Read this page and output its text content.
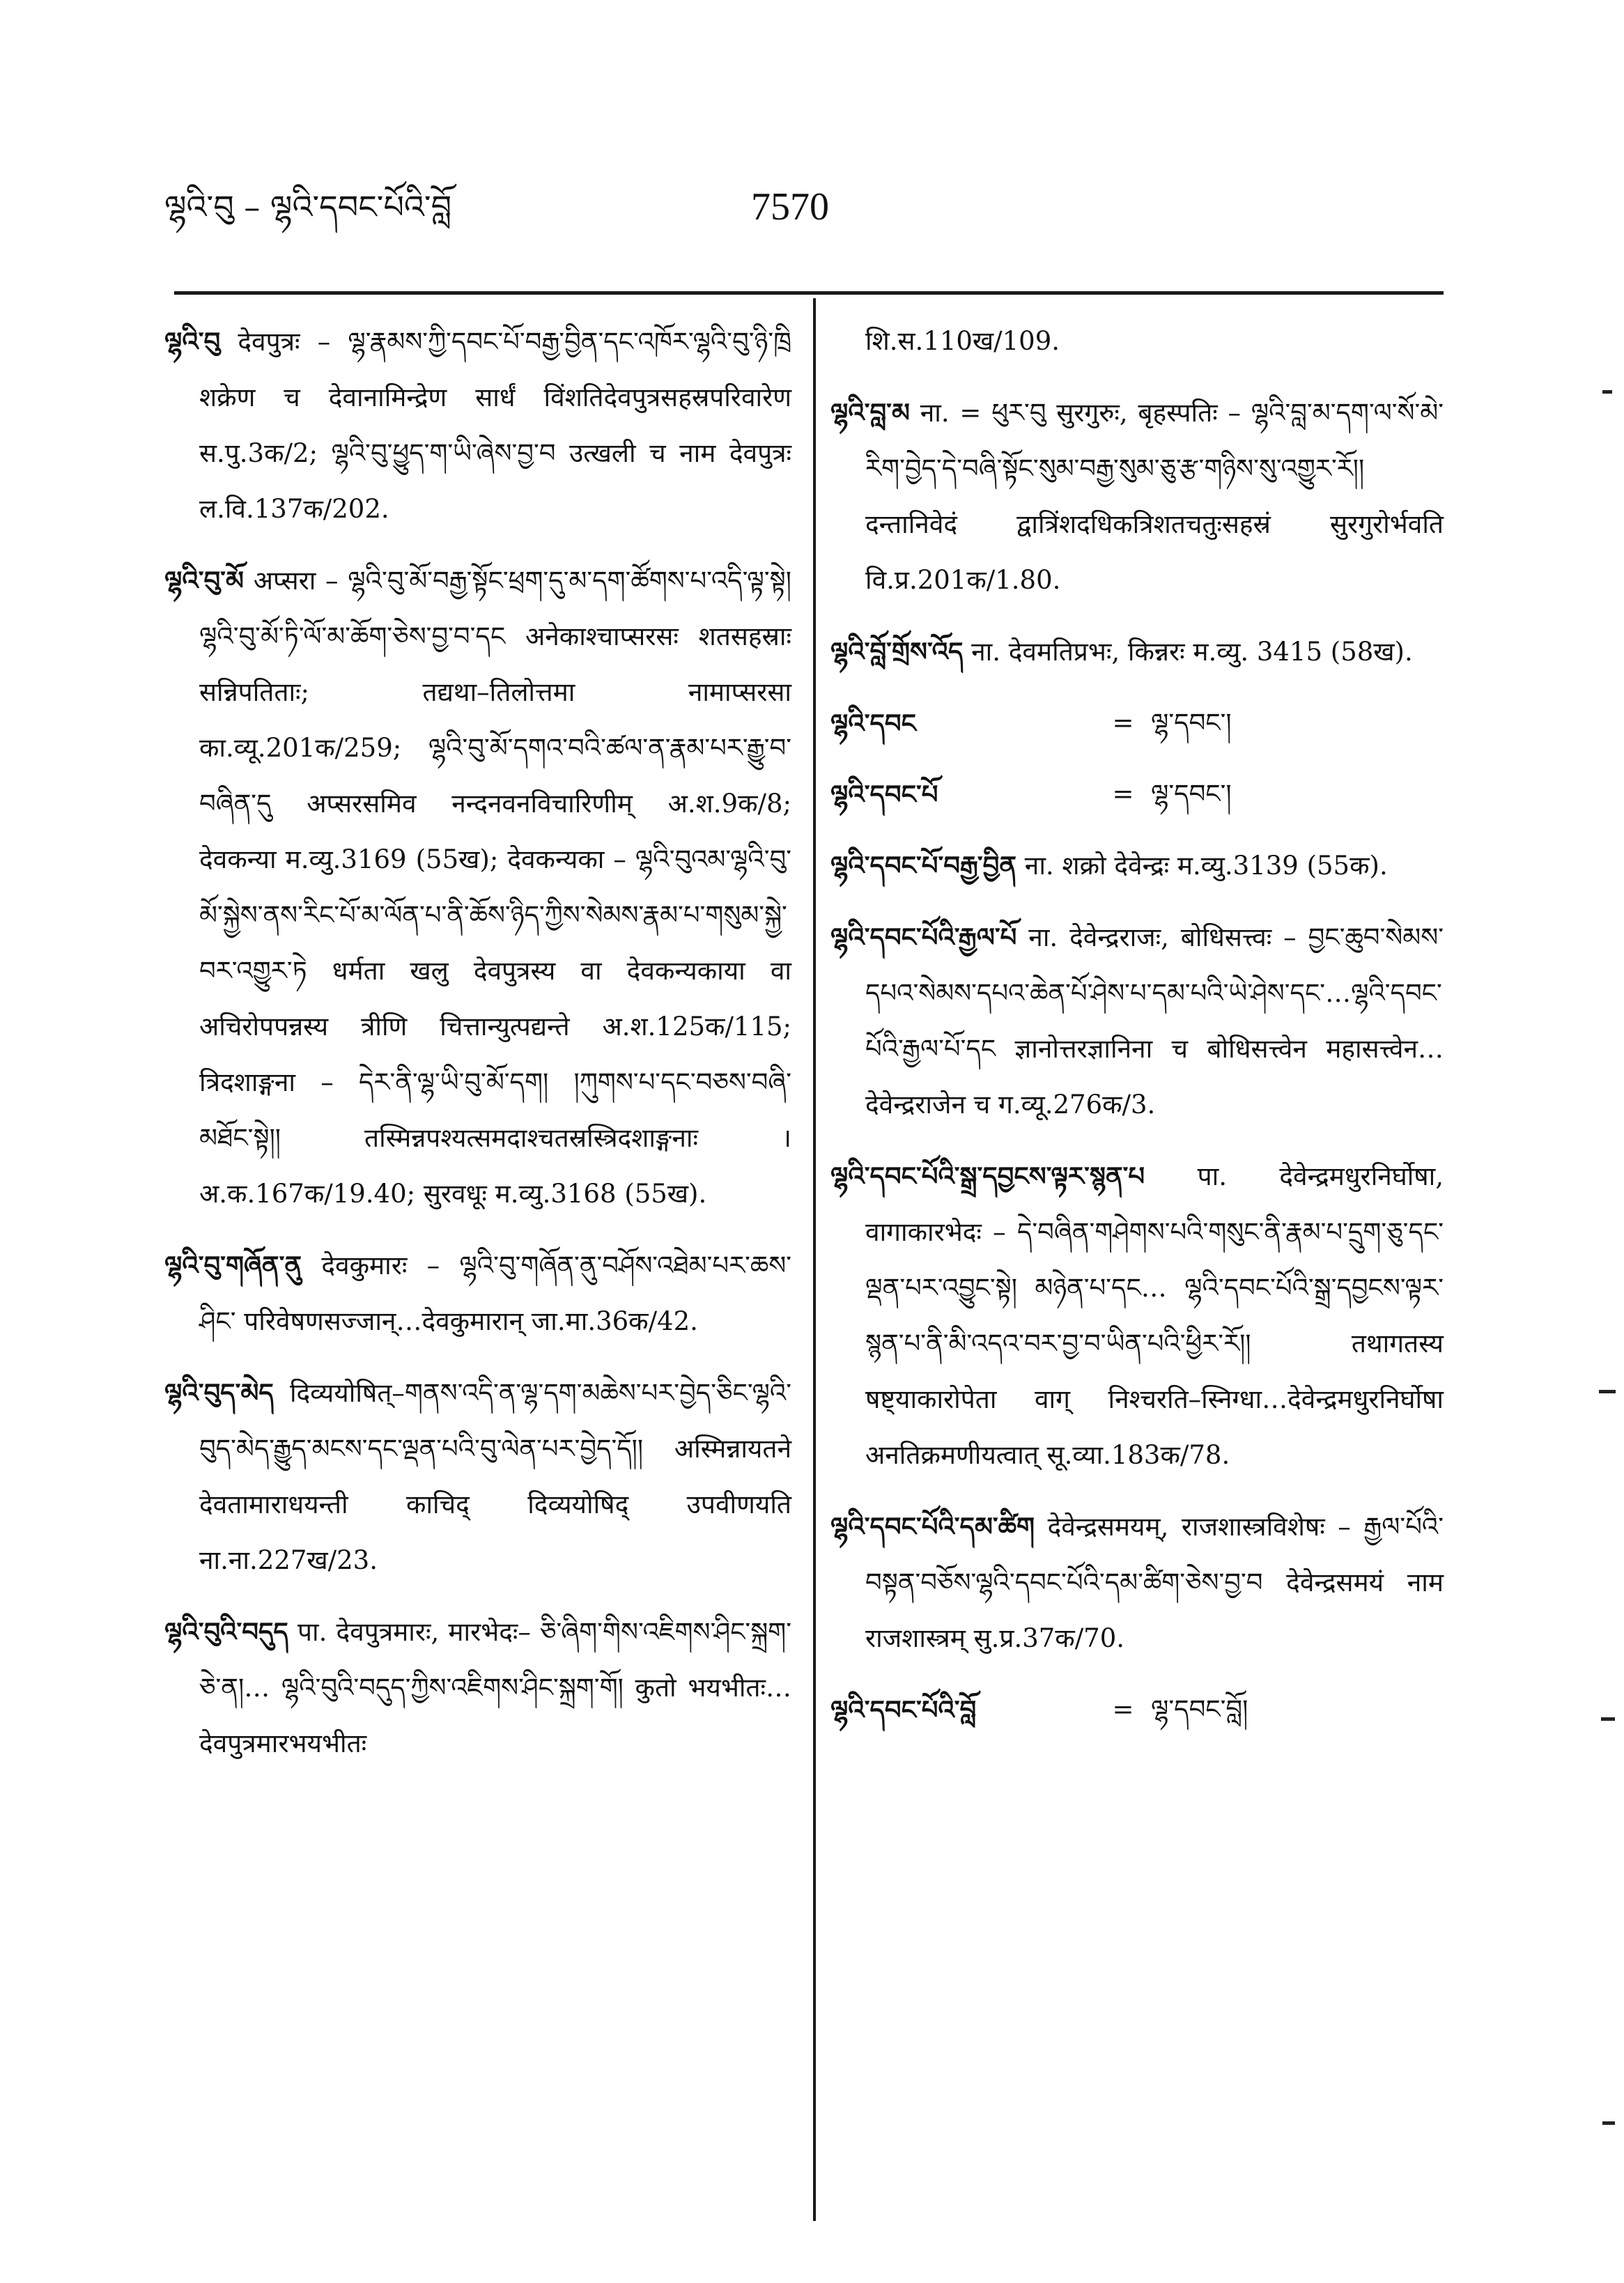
ལྷའི་བུ – ལྷའི་དབང་པོའི་བློ	7570

ལྷའི་བུ देवपुत्रः – ལྷ་རྣམས་ཀྱི་དབང་པོ་བརྒྱ་བྱིན་དང་འཁོར་ལྷའི་བུ་ཉི་ཁྲི शक्रेण च देवानामिन्द्रेण सार्धं विंशतिदेवपुत्रसहस्रपरिवारेण स.पु.3क/2; ལྷའི་བུ་ཕྱུད་ག་ཡི་ཞེས་བྱ་བ उत्खली च नाम देवपुत्रः ल.वि.137क/202.

ལྷའི་བུ་མོ अप्सरा – ལྷའི་བུ་མོ་བརྒྱ་སྟོང་ཕྲག་དུ་མ་དག་ཚོགས་པ་འདི་ལྟ་སྟེ། ལྷའི་བུ་མོ་ཏི་ལོ་མ་ཆོག་ཅེས་བྱ་བ་དང अनेकाश्चाप्सरसः शतसहस्राः सन्निपतिताः; तद्यथा–तिलोत्तमा नामाप्सरसा का.व्यू.201क/259; ལྷའི་བུ་མོ་དགའ་བའི་ཚལ་ན་རྣམ་པར་རྒྱུ་བ་བཞིན་དུ अप्सरसमिव नन्दनवनविचारिणीम् अ.श.9क/8; देवकन्या म.व्यु.3169 (55ख); देवकन्यका – ལྷའི་བུའམ་ལྷའི་བུ་མོ་སྐྱེས་ནས་རིང་པོ་མ་ལོན་པ་ནི་ཆོས་ཉིད་ཀྱིས་སེམས་རྣམ་པ་གསུམ་སྐྱེ་བར་འགྱུར་ཏེ धर्मता खलु देवपुत्रस्य वा देवकन्यकाया वा अचिरोपपन्नस्य त्रीणि चित्तान्युत्पद्यन्ते अ.श.125क/115; त्रिदशाङ्गना – དེར་ནི་ལྷ་ཡི་བུ་མོ་དག། །ཀུགས་པ་དང་བཅས་བཞི་མཐོང་སྟེ།། तस्मिन्नपश्यत्समदाश्चतस्रस्त्रिदशाङ्गनाः । अ.क.167क/19.40; सुरवधूः म.व्यु.3168 (55ख).

ལྷའི་བུ་གཞོན་ནུ देवकुमारः – ལྷའི་བུ་གཞོན་ནུ་བཤོས་འཐེམ་པར་ཆས་ཤིང་ परिवेषणसज्जान्…देवकुमारान् जा.मा.36क/42.

ལྷའི་བུད་མེད दिव्ययोषित्–གནས་འདི་ན་ལྷ་དག་མཆེས་པར་བྱེད་ཅིང་ལྷའི་བུད་མེད་རྒྱུད་མངས་དང་ལྡན་པའི་བུ་ལེན་པར་བྱེད་དོ།། अस्मिन्नायतने देवतामाराधयन्ती काचिद् दिव्ययोषिद् उपवीणयति ना.ना.227ख/23.

ལྷའི་བུའི་བདུད पा. देवपुत्रमारः, मारभेदः– ཅི་ཞིག་གིས་འཇིགས་ཤིང་སྐྲག་ཅེ་ན།… ལྷའི་བུའི་བདུད་ཀྱིས་འཇིགས་ཤིང་སྐྲག་གོ། कुतो भयभीतः… देवपुत्रमारभयभीतः

शि.स.110ख/109.

ལྷའི་བླ་མ ना. = ཕུར་བུ सुरगुरुः, बृहस्पतिः – ལྷའི་བླ་མ་དག་ལ་སོ་མེ་རིག་བྱེད་དེ་བཞི་སྟོང་སུམ་བརྒྱ་སུམ་ཅུ་རྩ་གཉིས་སུ་འགྱུར་རོ།། दन्तानिवेदं द्वात्रिंशदधिकत्रिशतचतुःसहस्रं सुरगुरोर्भवति वि.प्र.201क/1.80.

ལྷའི་བློ་གྲོས་འོད ना. देवमतिप्रभः, किन्नरः म.व्यु. 3415 (58ख).

ལྷའི་དབང	= ལྷ་དབང་།
ལྷའི་དབང་པོ	= ལྷ་དབང་།

ལྷའི་དབང་པོ་བརྒྱ་བྱིན ना. शक्रो देवेन्द्रः म.व्यु.3139 (55क).

ལྷའི་དབང་པོའི་རྒྱལ་པོ ना. देवेन्द्रराजः, बोधिसत्त्वः – བྱང་ཆུབ་སེམས་དཔའ་སེམས་དཔའ་ཆེན་པོ་ཤེས་པ་དམ་པའི་ཡེ་ཤེས་དང་…ལྷའི་དབང་པོའི་རྒྱལ་པོ་དང ज्ञानोत्तरज्ञानिना च बोधिसत्त्वेन महासत्त्वेन…देवेन्द्रराजेन च ग.व्यू.276क/3.

ལྷའི་དབང་པོའི་སྒྲ་དབྱངས་ལྟར་སྙན་པ पा. देवेन्द्रमधुरनिर्घोषा, वागाकारभेदः – དེ་བཞིན་གཤེགས་པའི་གསུང་ནི་རྣམ་པ་དྲུག་ཅུ་དང་ལྡན་པར་འབྱུང་སྟེ། མཉེན་པ་དང… ལྷའི་དབང་པོའི་སྒྲ་དབྱངས་ལྟར་སྙན་པ་ནི་མི་འདའ་བར་བྱ་བ་ཡིན་པའི་ཕྱིར་རོ།། तथागतस्य षष्ट्याकारोपेता वाग् निश्चरति–स्निग्धा…देवेन्द्रमधुरनिर्घोषा अनतिक्रमणीयत्वात् सू.व्या.183क/78.

ལྷའི་དབང་པོའི་དམ་ཚིག देवेन्द्रसमयम्, राजशास्त्रविशेषः – རྒྱལ་པོའི་བསྟན་བཅོས་ལྷའི་དབང་པོའི་དམ་ཚིག་ཅེས་བྱ་བ देवेन्द्रसमयं नाम राजशास्त्रम् सु.प्र.37क/70.

ལྷའི་དབང་པོའི་བློ	= ལྷ་དབང་བློ།
